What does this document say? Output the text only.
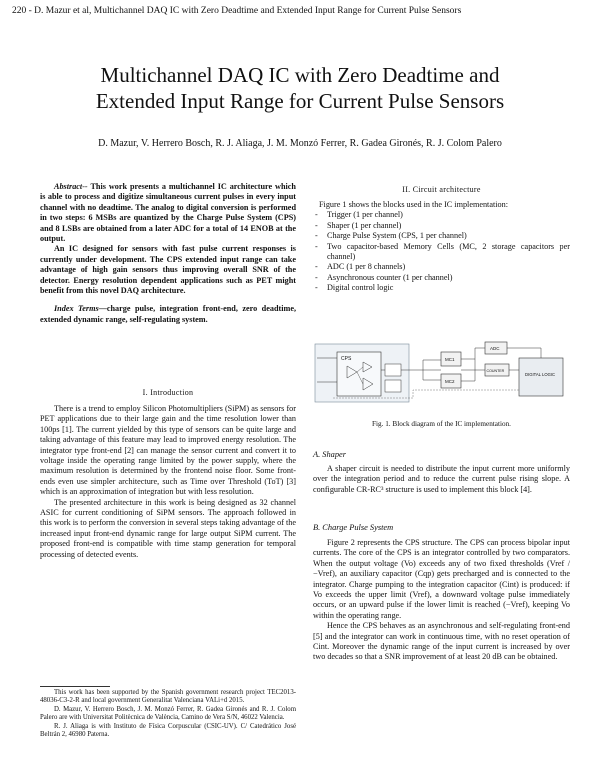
220 - D. Mazur et al, Multichannel DAQ IC with Zero Deadtime and Extended Input Range for Current Pulse Sensors
Multichannel DAQ IC with Zero Deadtime and
Extended Input Range for Current Pulse Sensors
D. Mazur, V. Herrero Bosch, R. J. Aliaga, J. M. Monzó Ferrer, R. Gadea Gironés, R. J. Colom Palero

Abstract-- This work presents a multichannel IC architecture which is able to process and digitize simultaneous current pulses in every input channel with no deadtime. The analog to digital conversion is performed in two steps: 6 MSBs are quantized by the Charge Pulse System (CPS) and 8 LSBs are obtained from a later ADC for a total of 14 ENOB at the output.

An IC designed for sensors with fast pulse current responses is currently under development. The CPS extended input range can take advantage of high gain sensors thus improving overall SNR of the detector. Energy resolution dependent applications such as PET might benefit from this novel DAQ architecture.

Index Terms—charge pulse, integration front-end, zero deadtime, extended dynamic range, self-regulating system.

I. Introduction

There is a trend to employ Silicon Photomultipliers (SiPM) as sensors for PET applications due to their large gain and the time resolution lower than 100ps [1]. The current yielded by this type of sensors can be quite large and taking advantage of this feature may lead to improved energy resolution. The integrator type front-end [2] can manage the sensor current and convert it to voltage inside the operating range limited by the power supply, where the maximum resolution is determined by the frontend noise floor. Some front-ends even use simpler architecture, such as Time over Threshold (ToT) [3] which is an approximation of integration but with less resolution.

The presented architecture in this work is being designed as 32 channel ASIC for current conditioning of SiPM sensors. The approach followed in this work is to perform the conversion in several steps taking advantage of the increased input front-end dynamic range for large output SiPM current. The proposed front-end is compatible with time stamp generation for temporal processing of detected events.

This work has been supported by the Spanish government research project TEC2013-48036-C3-2-R and local government Generalitat Valenciana VALi+d 2015.

D. Mazur, V. Herrero Bosch, J. M. Monzó Ferrer, R. Gadea Gironés and R. J. Colom Palero are with Universitat Politècnica de València, Camino de Vera S/N, 46022 Valencia.

R. J. Aliaga is with Instituto de Física Corpuscular (CSIC-UV). C/ Catedrático José Beltrán 2, 46980 Paterna.

II. Circuit architecture

Figure 1 shows the blocks used in the IC implementation:

- Trigger (1 per channel)
- Shaper (1 per channel)
- Charge Pulse System (CPS, 1 per channel)
- Two capacitor-based Memory Cells (MC, 2 storage capacitors per channel)
- ADC (1 per 8 channels)
- Asynchronous counter (1 per channel)
- Digital control logic
CPS	MC1
MC2
ADC
COUNTER
DIGITAL LOGIC
Fig. 1. Block diagram of the IC implementation.
A. Shaper

A shaper circuit is needed to distribute the input current more uniformly over the integration period and to reduce the current pulse rising slope. A configurable CR-RC³ structure is used to implement this block [4].

B. Charge Pulse System

Figure 2 represents the CPS structure. The CPS can process bipolar input currents. The core of the CPS is an integrator controlled by two comparators. When the output voltage (Vo) exceeds any of two fixed thresholds (Vref / −Vref), an auxiliary capacitor (Cqp) gets precharged and is connected to the integrator. Charge pumping to the integration capacitor (Cint) is produced: if Vo exceeds the upper limit (Vref), a downward voltage pulse immediately occurs, or an upward pulse if the lower limit is reached (−Vref), keeping Vo within the operating range.

Hence the CPS behaves as an asynchronous and self-regulating front-end [5] and the integrator can work in continuous time, with no reset operation of Cint. Moreover the dynamic range of the input current is increased by over two decades so that a SNR improvement of at least 20 dB can be obtained.
